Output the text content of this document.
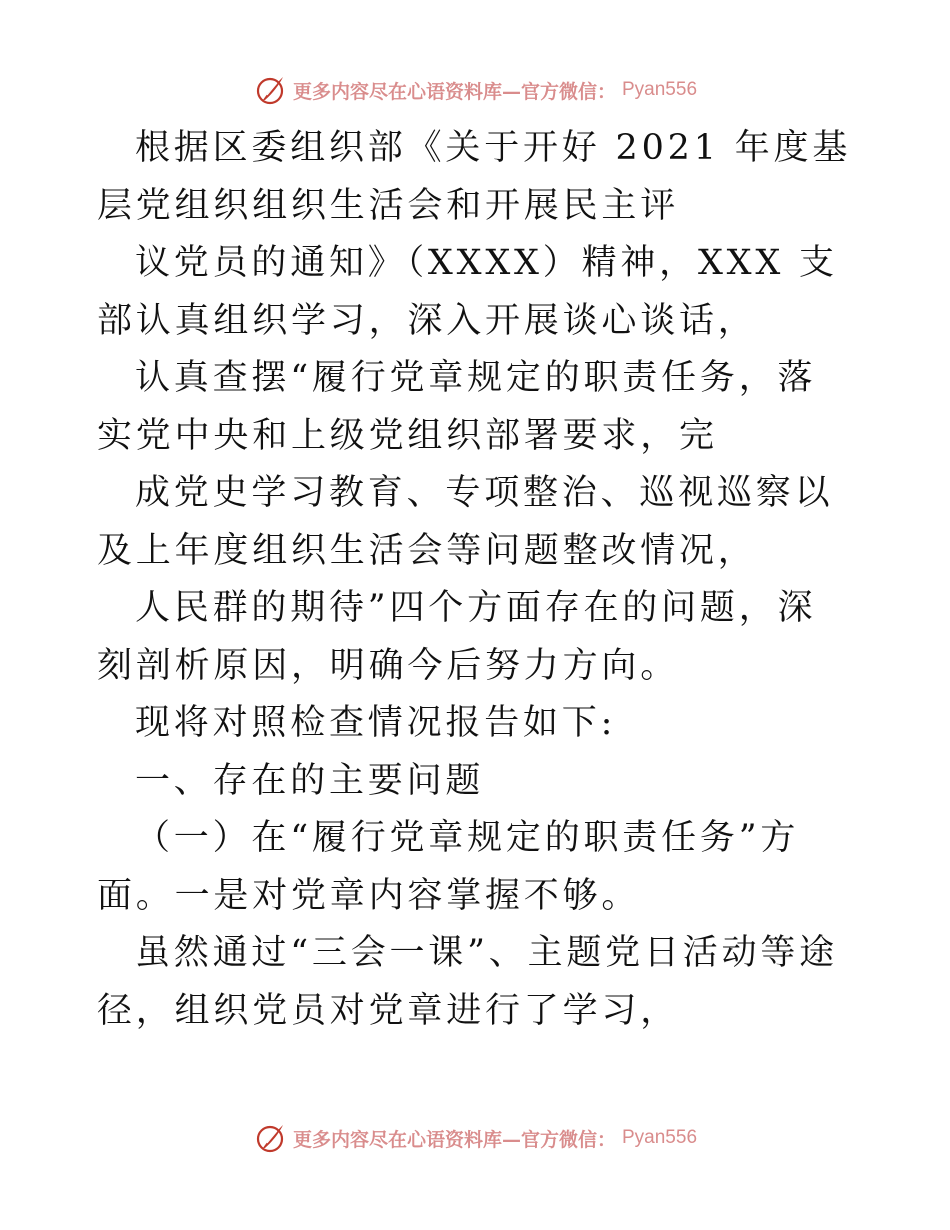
更多内容尽在心语资料库—官方微信： Pyan556

根据区委组织部《关于开好 2021 年度基层党组织组织生活会和开展民主评

议党员的通知》（XXXX）精神，XXX 支部认真组织学习，深入开展谈心谈话，

认真查摆“履行党章规定的职责任务，落实党中央和上级党组织部署要求，完

成党史学习教育、专项整治、巡视巡察以及上年度组织生活会等问题整改情况，

人民群的期待”四个方面存在的问题，深刻剖析原因，明确今后努力方向。

现将对照检查情况报告如下:

一、存在的主要问题

（一）在“履行党章规定的职责任务”方面。一是对党章内容掌握不够。

虽然通过“三会一课”、主题党日活动等途径，组织党员对党章进行了学习，

更多内容尽在心语资料库—官方微信： Pyan556
